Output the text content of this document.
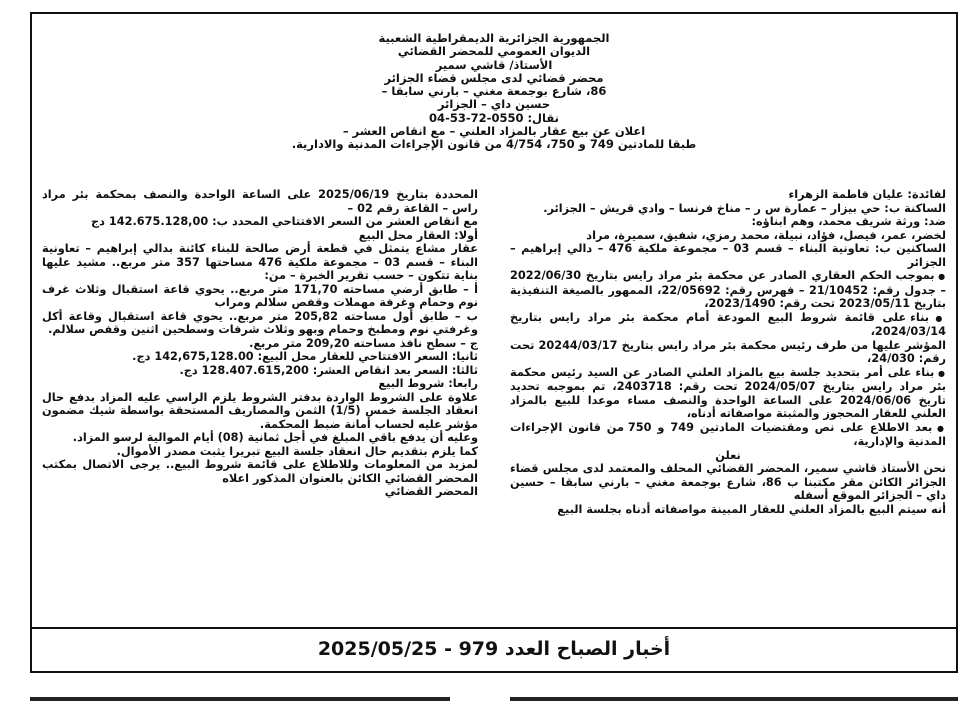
الجمهورية الجزائرية الديمقراطية الشعبية
الديوان العمومي للمحضر القضائي
الأستاذ/ قاشي سمير
محضر قضائي لدى مجلس قضاء الجزائر
86، شارع بوجمعة مغني – بارني سابقا –
حسين داي – الجزائر
نقال: 0550-72-53-04
اعلان عن بيع عقار بالمزاد العلني – مع انقاص العشر –
طبقا للمادتين 749 و 750، 4/754 من قانون الإجراءات المدنية والادارية.

لفائدة: عليان فاطمة الزهراء

الساكنة ب: حي بيزار – عمارة س ر – مناخ فرنسا – وادي قريش – الجزائر.

ضد: ورثة شريف محمد، وهم ابناؤه:

لخضر، عمر، فيصل، فؤاد، نبيلة، محمد رمزي، شفيق، سميرة، مراد

الساكنين ب: تعاونية البناء – قسم 03 – مجموعة ملكية 476 – دالي إبراهيم – الجزائر

● بموجب الحكم العقاري الصادر عن محكمة بئر مراد رايس بتاريخ 2022/06/30 – جدول رقم: 21/10452 – فهرس رقم: 22/05692، الممهور بالصيغة التنفيذية بتاريخ 2023/05/11 تحت رقم: 2023/1490،

● بناء على قائمة شروط البيع المودعة أمام محكمة بئر مراد رايس بتاريخ 2024/03/14،

المؤشر عليها من طرف رئيس محكمة بئر مراد رايس بتاريخ 20244/03/17 تحت رقم: 24/030،

● بناء على أمر بتحديد جلسة بيع بالمزاد العلني الصادر عن السيد رئيس محكمة بئر مراد رايس بتاريخ 2024/05/07 تحت رقم: 2403718، تم بموجبه تحديد تاريخ 2024/06/06 على الساعة الواحدة والنصف مساء موعدا للبيع بالمزاد العلني للعقار المحجوز والمثبتة مواصفاته أدناه،

● بعد الاطلاع على نص ومقتضيات المادتين 749 و 750 من قانون الإجراءات المدنية والإدارية،

نعلن

نحن الأستاذ قاشي سمير، المحضر القضائي المحلف والمعتمد لدى مجلس قضاء الجزائر الكائن مقر مكتبنا ب 86، شارع بوجمعة مغني – بارني سابقا – حسين داي – الجزائر الموقع أسفله

أنه سيتم البيع بالمزاد العلني للعقار المبينة مواصفاته أدناه بجلسة البيع

المحددة بتاريخ 2025/06/19 على الساعة الواحدة والنصف بمحكمة بئر مراد راس – القاعة رقم 02 –

مع انقاص العشر من السعر الافتتاحي المحدد ب: 142.675.128,00 دج

أولا: العقار محل البيع

عقار مشاع يتمثل في قطعة أرض صالحة للبناء كائنة بدالي إبراهيم – تعاونية البناء – قسم 03 – مجموعة ملكية 476 مساحتها 357 متر مربع.. مشيد عليها بناية تتكون – حسب تقرير الخبرة – من:

أ – طابق أرضي مساحته 171,70 متر مربع.. يحوي قاعة استقبال وثلاث غرف نوم وحمام وغرفة مهملات وقفص سلالم ومراب

ب – طابق أول مساحته 205,82 متر مربع.. يحوي قاعة استقبال وقاعة أكل وغرفتي نوم ومطبخ وحمام وبهو وثلاث شرفات وسطحين اثنين وقفص سلالم.

ج – سطح نافذ مساحته 209,20 متر مربع.

ثانيا: السعر الافتتاحي للعقار محل البيع: 142,675,128.00 دج.

ثالثا: السعر بعد انقاص العشر: 128.407.615,200 دج.

رابعا: شروط البيع

علاوة على الشروط الواردة بدفتر الشروط يلزم الراسي عليه المزاد بدفع حال انعقاد الجلسة خمس (1/5) الثمن والمصاريف المستحقة بواسطة شيك مضمون مؤشر عليه لحساب أمانة ضبط المحكمة.

وعليه أن يدفع باقي المبلغ في أجل ثمانية (08) أيام الموالية لرسو المزاد.

كما يلزم بتقديم حال انعقاد جلسة البيع تبريرا يثبت مصدر الأموال.

لمزيد من المعلومات وللاطلاع على قائمة شروط البيع.. يرجى الاتصال بمكتب المحضر القضائي الكائن بالعنوان المذكور اعلاه

المحضر القضائي

أخبار الصباح العدد 979 - 2025/05/25
